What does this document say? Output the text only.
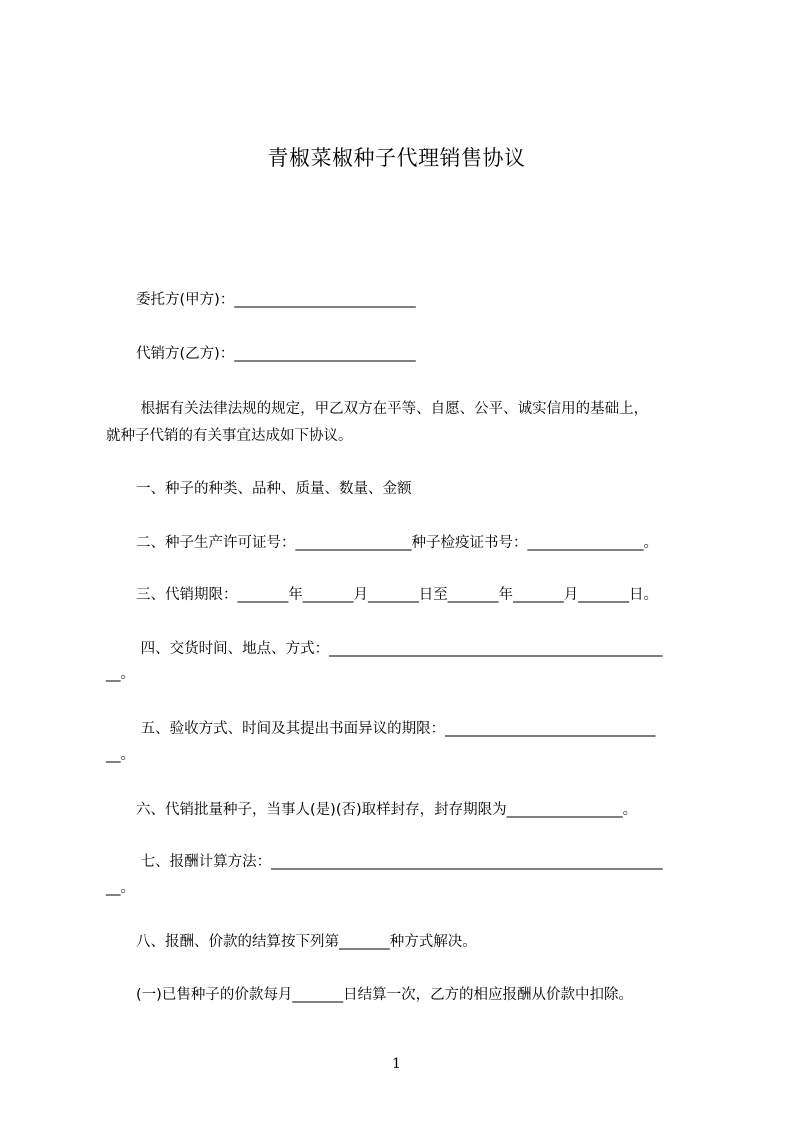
青椒菜椒种子代理销售协议
委托方(甲方)：_________________________
代销方(乙方)：_________________________
根据有关法律法规的规定，甲乙双方在平等、自愿、公平、诚实信用的基础上，
就种子代销的有关事宜达成如下协议。
一、种子的种类、品种、质量、数量、金额
二、种子生产许可证号：________________种子检疫证书号：________________。
三、代销期限：_______年_______月_______日至_______年_______月_______日。
四、交货时间、地点、方式：______________________________________________
__。
五、验收方式、时间及其提出书面异议的期限：_____________________________
__。
六、代销批量种子，当事人(是)(否)取样封存，封存期限为________________。
七、报酬计算方法：______________________________________________________
__。
八、报酬、价款的结算按下列第_______种方式解决。
(一)已售种子的价款每月_______日结算一次，乙方的相应报酬从价款中扣除。
1
